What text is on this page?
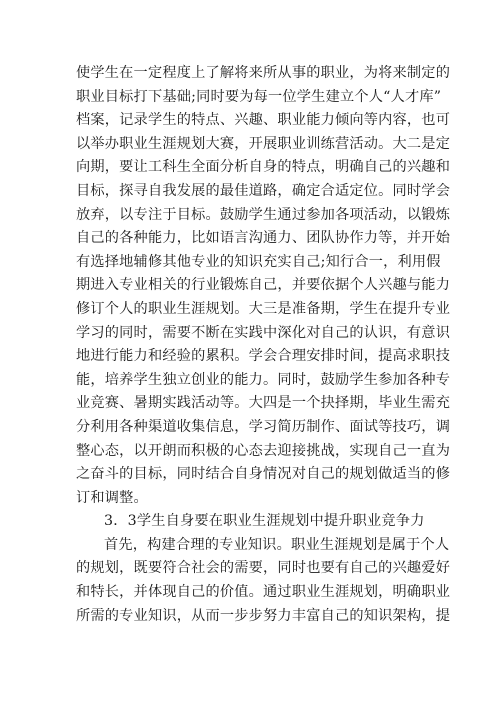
使学生在一定程度上了解将来所从事的职业，为将来制定的
职业目标打下基础;同时要为每一位学生建立个人“人才库”
档案，记录学生的特点、兴趣、职业能力倾向等内容，也可
以举办职业生涯规划大赛，开展职业训练营活动。大二是定
向期，要让工科生全面分析自身的特点，明确自己的兴趣和
目标，探寻自我发展的最佳道路，确定合适定位。同时学会
放弃，以专注于目标。鼓励学生通过参加各项活动，以锻炼
自己的各种能力，比如语言沟通力、团队协作力等，并开始
有选择地辅修其他专业的知识充实自己;知行合一，利用假
期进入专业相关的行业锻炼自己，并要依据个人兴趣与能力
修订个人的职业生涯规划。大三是准备期，学生在提升专业
学习的同时，需要不断在实践中深化对自己的认识，有意识
地进行能力和经验的累积。学会合理安排时间，提高求职技
能，培养学生独立创业的能力。同时，鼓励学生参加各种专
业竞赛、暑期实践活动等。大四是一个抉择期，毕业生需充
分利用各种渠道收集信息，学习简历制作、面试等技巧，调
整心态，以开朗而积极的心态去迎接挑战，实现自己一直为
之奋斗的目标，同时结合自身情况对自己的规划做适当的修
订和调整。
3．3学生自身要在职业生涯规划中提升职业竞争力
首先，构建合理的专业知识。职业生涯规划是属于个人
的规划，既要符合社会的需要，同时也要有自己的兴趣爱好
和特长，并体现自己的价值。通过职业生涯规划，明确职业
所需的专业知识，从而一步步努力丰富自己的知识架构，提
